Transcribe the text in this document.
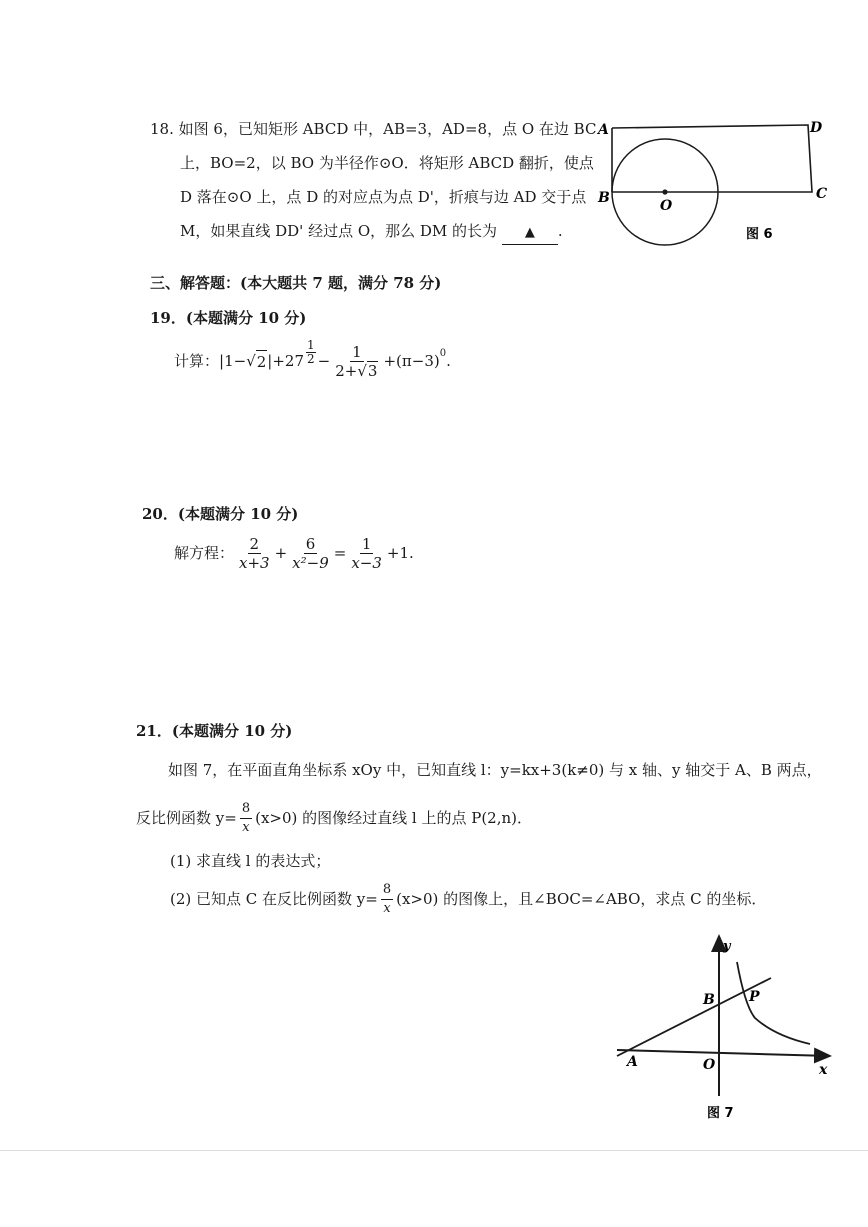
18. 如图 6，已知矩形 ABCD 中，AB=3，AD=8，点 O 在边 BC
上，BO=2，以 BO 为半径作⊙O．将矩形 ABCD 翻折，使点
D 落在⊙O 上，点 D 的对应点为点 D'，折痕与边 AD 交于点
M，如果直线 DD' 经过点 O，那么 DM 的长为 ▲ .
A	D
B	C
O
图 6
三、解答题：(本大题共 7 题，满分 78 分)
19．(本题满分 10 分)
计算： |1− √ 2 | $+27 \frac{1}{2} - \frac{1}{2+√3} +(\pi-3)^0$ .
20．(本题满分 10 分)
解方程： $\frac{2}{x+3} + \frac{6}{\text{x²−9}} = \frac{1}{x-3} +1$.
21．(本题满分 10 分)
如图 7，在平面直角坐标系 xOy 中，已知直线 l：y=kx+3(k≠0) 与 x 轴、y 轴交于 A、B 两点，
反比例函数 $y= \frac{8}{x} (x>0)$ 的图像经过直线 l 上的点 P(2,n)．
(1) 求直线 l 的表达式；
(2) 已知点 C 在反比例函数 $y= \frac{8}{x} (x>0)$ 的图像上，且∠BOC=∠ABO，求点 C 的坐标．
y
x
B P
A	O
图 7
